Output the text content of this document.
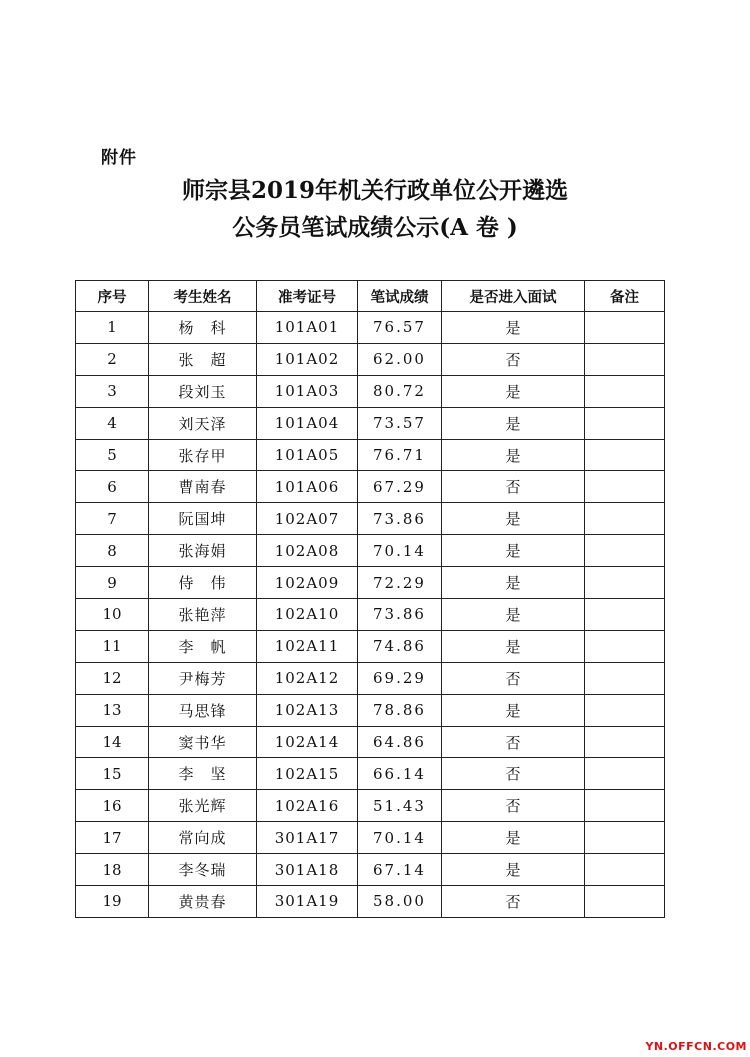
附件
师宗县2019年机关行政单位公开遴选
公务员笔试成绩公示(A 卷 )
序号	考生姓名	准考证号	笔试成绩	是否进入面试	备注
1	杨　科	101A01	76.57	是	
2	张　超	101A02	62.00	否	
3	段刘玉	101A03	80.72	是	
4	刘天泽	101A04	73.57	是	
5	张存甲	101A05	76.71	是	
6	曹南春	101A06	67.29	否	
7	阮国坤	102A07	73.86	是	
8	张海娟	102A08	70.14	是	
9	侍　伟	102A09	72.29	是	
10	张艳萍	102A10	73.86	是	
11	李　帆	102A11	74.86	是	
12	尹梅芳	102A12	69.29	否	
13	马思锋	102A13	78.86	是	
14	窦书华	102A14	64.86	否	
15	李　坚	102A15	66.14	否	
16	张光辉	102A16	51.43	否	
17	常向成	301A17	70.14	是	
18	李冬瑞	301A18	67.14	是	
19	黄贵春	301A19	58.00	否	
YN.OFFCN.COM
